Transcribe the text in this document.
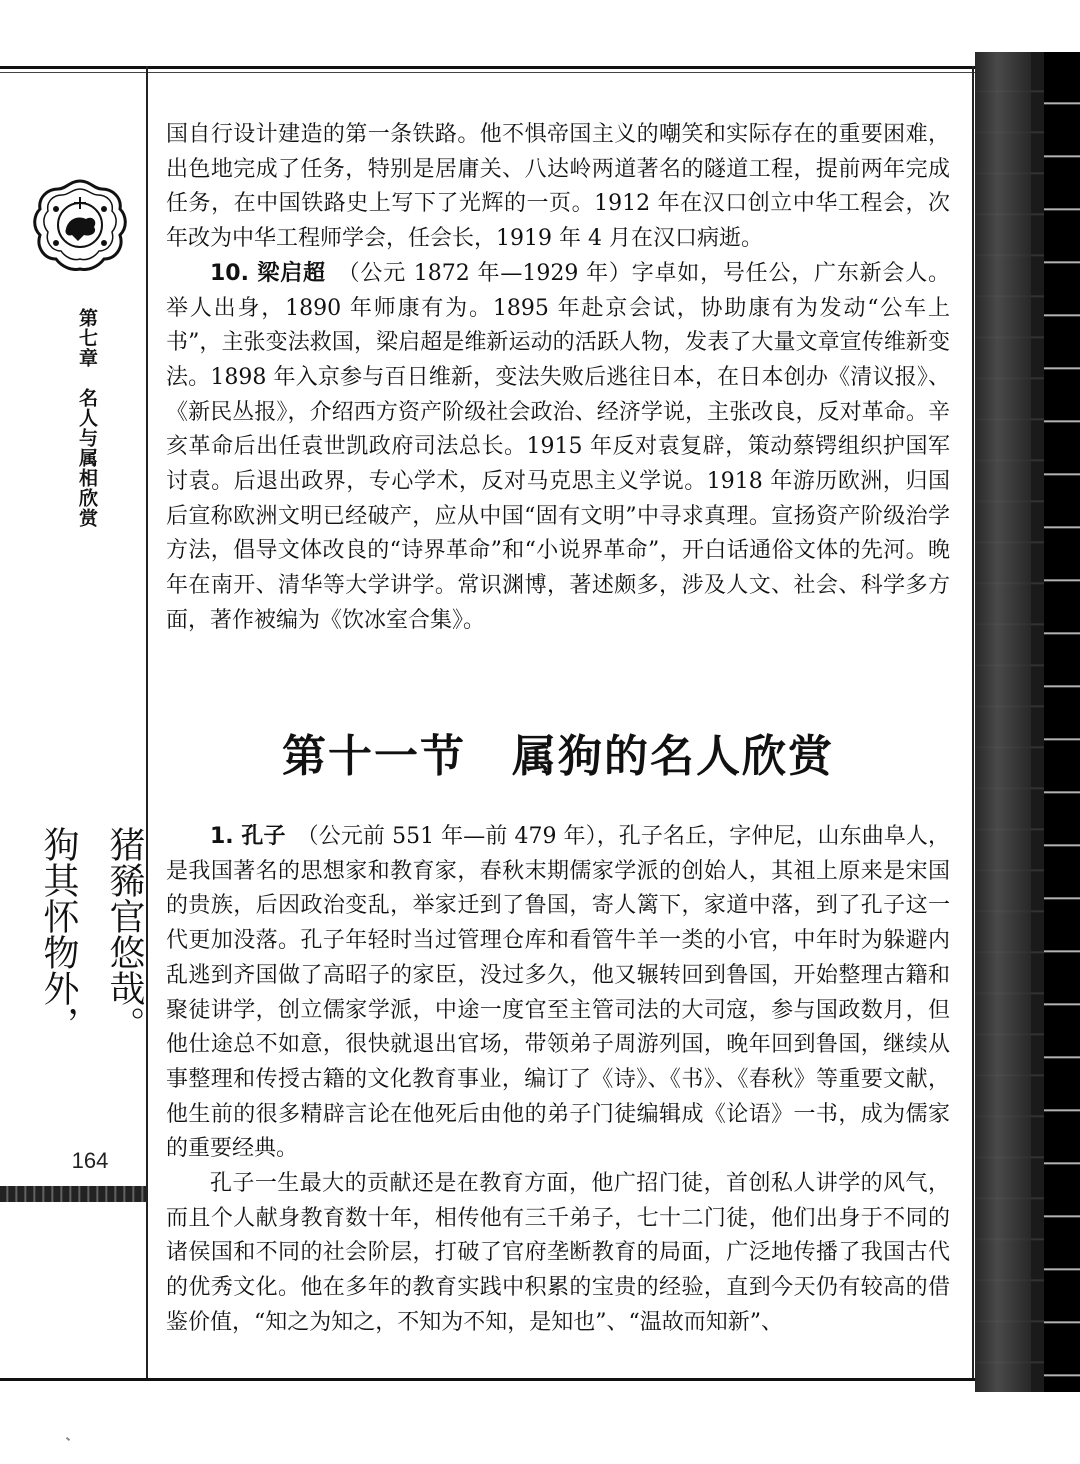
第七章　名人与属相欣赏
猪豨官悠哉。
狗其怀物外，
164

国自行设计建造的第一条铁路。他不惧帝国主义的嘲笑和实际存在的重要困难，出色地完成了任务，特别是居庸关、八达岭两道著名的隧道工程，提前两年完成任务，在中国铁路史上写下了光辉的一页。1912 年在汉口创立中华工程会，次年改为中华工程师学会，任会长，1919 年 4 月在汉口病逝。

10. 梁启超　（公元 1872 年—1929 年）字卓如，号任公，广东新会人。举人出身，1890 年师康有为。1895 年赴京会试，协助康有为发动“公车上书”，主张变法救国，梁启超是维新运动的活跃人物，发表了大量文章宣传维新变法。1898 年入京参与百日维新，变法失败后逃往日本，在日本创办《清议报》、《新民丛报》，介绍西方资产阶级社会政治、经济学说，主张改良，反对革命。辛亥革命后出任袁世凯政府司法总长。1915 年反对袁复辟，策动蔡锷组织护国军讨袁。后退出政界，专心学术，反对马克思主义学说。1918 年游历欧洲，归国后宣称欧洲文明已经破产，应从中国“固有文明”中寻求真理。宣扬资产阶级治学方法，倡导文体改良的“诗界革命”和“小说界革命”，开白话通俗文体的先河。晚年在南开、清华等大学讲学。常识渊博，著述颇多，涉及人文、社会、科学多方面，著作被编为《饮冰室合集》。

第十一节 属狗的名人欣赏

1. 孔子　（公元前 551 年—前 479 年），孔子名丘，字仲尼，山东曲阜人，是我国著名的思想家和教育家，春秋末期儒家学派的创始人，其祖上原来是宋国的贵族，后因政治变乱，举家迁到了鲁国，寄人篱下，家道中落，到了孔子这一代更加没落。孔子年轻时当过管理仓库和看管牛羊一类的小官，中年时为躲避内乱逃到齐国做了高昭子的家臣，没过多久，他又辗转回到鲁国，开始整理古籍和聚徒讲学，创立儒家学派，中途一度官至主管司法的大司寇，参与国政数月，但他仕途总不如意，很快就退出官场，带领弟子周游列国，晚年回到鲁国，继续从事整理和传授古籍的文化教育事业，编订了《诗》、《书》、《春秋》等重要文献，他生前的很多精辟言论在他死后由他的弟子门徒编辑成《论语》一书，成为儒家的重要经典。

孔子一生最大的贡献还是在教育方面，他广招门徒，首创私人讲学的风气，而且个人献身教育数十年，相传他有三千弟子，七十二门徒，他们出身于不同的诸侯国和不同的社会阶层，打破了官府垄断教育的局面，广泛地传播了我国古代的优秀文化。他在多年的教育实践中积累的宝贵的经验，直到今天仍有较高的借鉴价值，“知之为知之，不知为不知，是知也”、“温故而知新”、
